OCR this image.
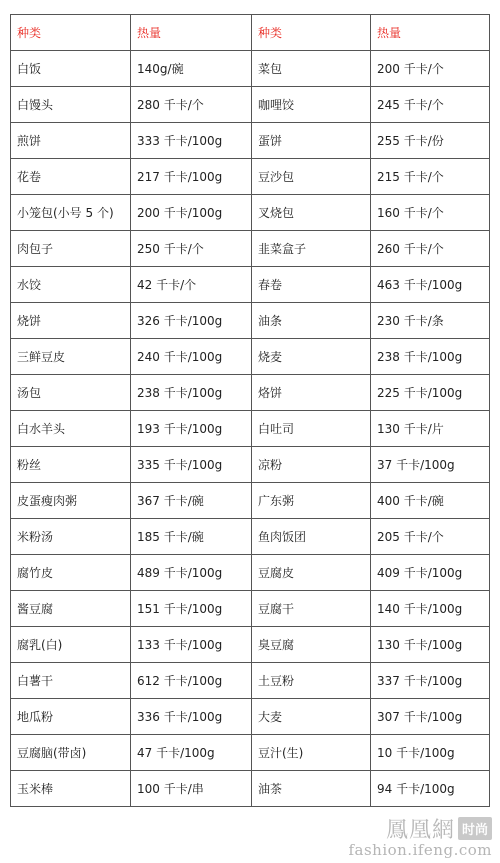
种类	热量	种类	热量
白饭	140g/碗	菜包	200 千卡/个
白馒头	280 千卡/个	咖哩饺	245 千卡/个
煎饼	333 千卡/100g	蛋饼	255 千卡/份
花卷	217 千卡/100g	豆沙包	215 千卡/个
小笼包(小号 5 个)	200 千卡/100g	叉烧包	160 千卡/个
肉包子	250 千卡/个	韭菜盒子	260 千卡/个
水饺	42 千卡/个	春卷	463 千卡/100g
烧饼	326 千卡/100g	油条	230 千卡/条
三鲜豆皮	240 千卡/100g	烧麦	238 千卡/100g
汤包	238 千卡/100g	烙饼	225 千卡/100g
白水羊头	193 千卡/100g	白吐司	130 千卡/片
粉丝	335 千卡/100g	凉粉	37 千卡/100g
皮蛋瘦肉粥	367 千卡/碗	广东粥	400 千卡/碗
米粉汤	185 千卡/碗	鱼肉饭团	205 千卡/个
腐竹皮	489 千卡/100g	豆腐皮	409 千卡/100g
酱豆腐	151 千卡/100g	豆腐干	140 千卡/100g
腐乳(白)	133 千卡/100g	臭豆腐	130 千卡/100g
白薯干	612 千卡/100g	土豆粉	337 千卡/100g
地瓜粉	336 千卡/100g	大麦	307 千卡/100g
豆腐脑(带卤)	47 千卡/100g	豆汁(生)	10 千卡/100g
玉米棒	100 千卡/串	油茶	94 千卡/100g
鳳凰網 时尚
fashion.ifeng.com
